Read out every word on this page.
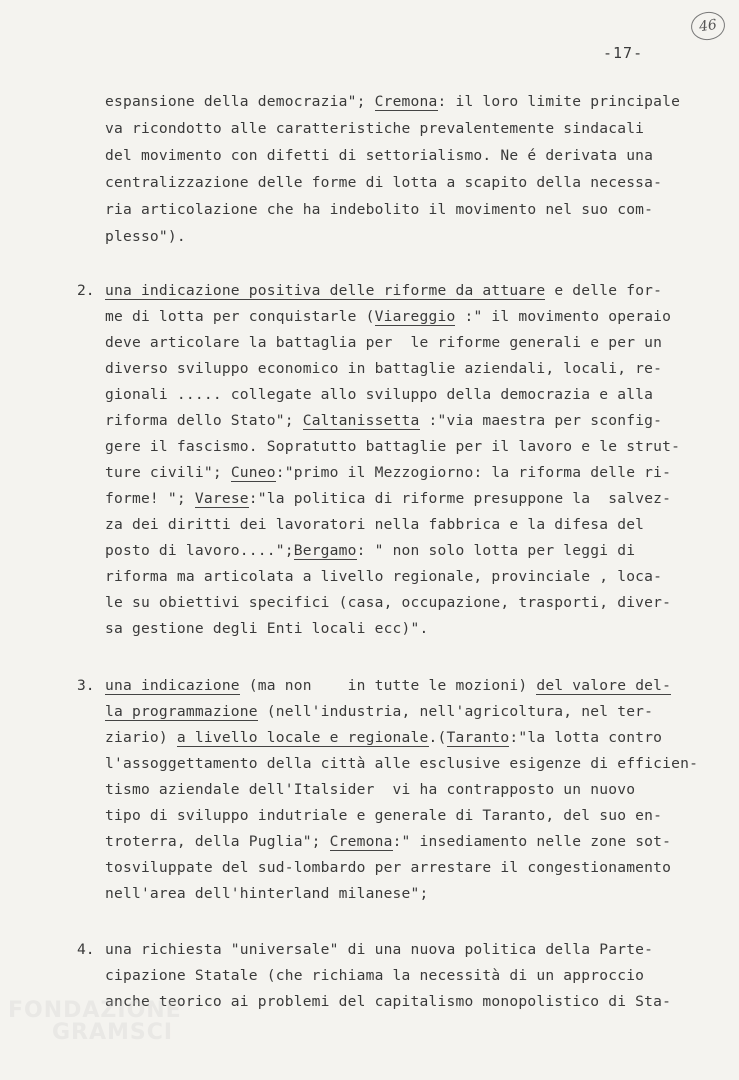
46
-17-
espansione della democrazia"; Cremona: il loro limite principale
va ricondotto alle caratteristiche prevalentemente sindacali
del movimento con difetti di settorialismo. Ne é derivata una
centralizzazione delle forme di lotta a scapito della necessa-
ria articolazione che ha indebolito il movimento nel suo com-
plesso").
2. una indicazione positiva delle riforme da attuare e delle for-
me di lotta per conquistarle (Viareggio :" il movimento operaio
deve articolare la battaglia per  le riforme generali e per un
diverso sviluppo economico in battaglie aziendali, locali, re-
gionali ..... collegate allo sviluppo della democrazia e alla
riforma dello Stato"; Caltanissetta :"via maestra per sconfig-
gere il fascismo. Sopratutto battaglie per il lavoro e le strut-
ture civili"; Cuneo:"primo il Mezzogiorno: la riforma delle ri-
forme! "; Varese:"la politica di riforme presuppone la  salvez-
za dei diritti dei lavoratori nella fabbrica e la difesa del
posto di lavoro....";Bergamo: " non solo lotta per leggi di
riforma ma articolata a livello regionale, provinciale , loca-
le su obiettivi specifici (casa, occupazione, trasporti, diver-
sa gestione degli Enti locali ecc)".
3. una indicazione (ma non    in tutte le mozioni) del valore del-
la programmazione (nell'industria, nell'agricoltura, nel ter-
ziario) a livello locale e regionale.(Taranto:"la lotta contro
l'assoggettamento della città alle esclusive esigenze di efficien-
tismo aziendale dell'Italsider  vi ha contrapposto un nuovo
tipo di sviluppo indutriale e generale di Taranto, del suo en-
troterra, della Puglia"; Cremona:" insediamento nelle zone sot-
tosviluppate del sud-lombardo per arrestare il congestionamento
nell'area dell'hinterland milanese";
4. una richiesta "universale" di una nuova politica della Parte-
cipazione Statale (che richiama la necessità di un approccio
anche teorico ai problemi del capitalismo monopolistico di Sta-
FONDAZIONE
GRAMSCI
